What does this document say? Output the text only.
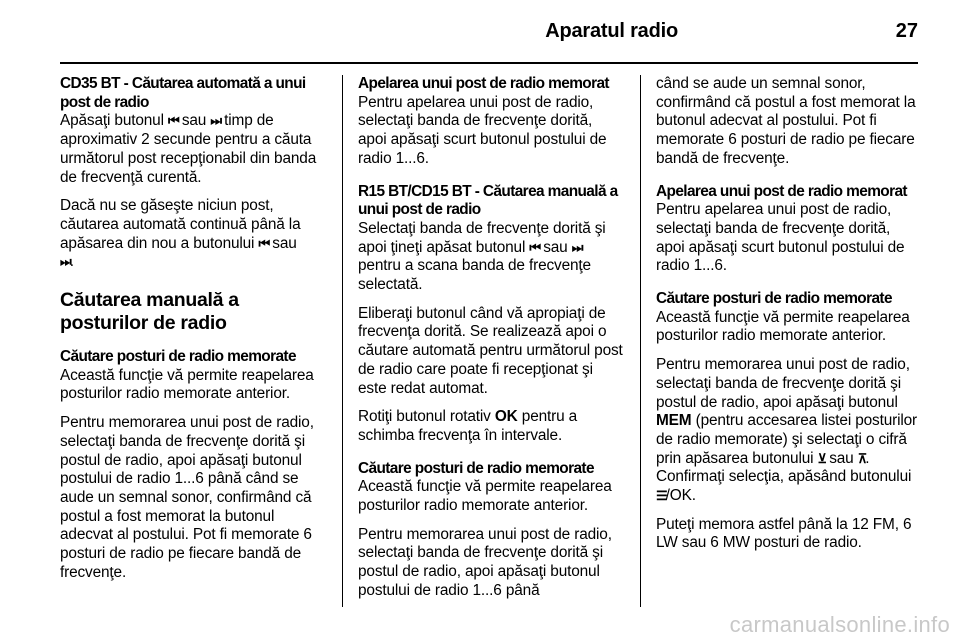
Aparatul radio	27
CD35 BT - Căutarea automată a unui post de radio
Apăsaţi butonul ⏮ sau ⏭ timp de aproximativ 2 secunde pentru a căuta următorul post recepţionabil din banda de frecvenţă curentă.
Dacă nu se găseşte niciun post, căutarea automată continuă până la apăsarea din nou a butonului ⏮ sau
⏭.
Căutarea manuală a posturilor de radio
Căutare posturi de radio memorate
Această funcţie vă permite reapelarea posturilor radio memorate anterior.
Pentru memorarea unui post de radio, selectaţi banda de frecvenţe dorită şi postul de radio, apoi apăsaţi butonul postului de radio 1...6 până când se aude un semnal sonor, confirmând că postul a fost memorat la butonul adecvat al postului. Pot fi memorate 6 posturi de radio pe fiecare bandă de frecvenţe.
Apelarea unui post de radio memorat
Pentru apelarea unui post de radio, selectaţi banda de frecvenţe dorită, apoi apăsaţi scurt butonul postului de radio 1...6.
R15 BT/CD15 BT - Căutarea manuală a unui post de radio
Selectaţi banda de frecvenţe dorită şi apoi ţineţi apăsat butonul ⏮ sau ⏭ pentru a scana banda de frecvenţe selectată.
Eliberaţi butonul când vă apropiaţi de frecvenţa dorită. Se realizează apoi o căutare automată pentru următorul post de radio care poate fi recepţionat şi este redat automat.
Rotiţi butonul rotativ OK pentru a schimba frecvenţa în intervale.
Căutare posturi de radio memorate
Această funcţie vă permite reapelarea posturilor radio memorate anterior.
Pentru memorarea unui post de radio, selectaţi banda de frecvenţe dorită şi postul de radio, apoi apăsaţi butonul postului de radio 1...6 până
când se aude un semnal sonor, confirmând că postul a fost memorat la butonul adecvat al postului. Pot fi memorate 6 posturi de radio pe fiecare bandă de frecvenţe.
Apelarea unui post de radio memorat
Pentru apelarea unui post de radio, selectaţi banda de frecvenţe dorită, apoi apăsaţi scurt butonul postului de radio 1...6.
Căutare posturi de radio memorate
Această funcţie vă permite reapelarea posturilor radio memorate anterior.
Pentru memorarea unui post de radio, selectaţi banda de frecvenţe dorită şi postul de radio, apoi apăsaţi butonul MEM (pentru accesarea listei posturilor de radio memorate) şi selectaţi o cifră prin apăsarea butonului ⊻ sau ⊼. Confirmaţi selecţia, apăsând butonului ☰/OK.
Puteţi memora astfel până la 12 FM, 6 LW sau 6 MW posturi de radio.
carmanualsonline.info
